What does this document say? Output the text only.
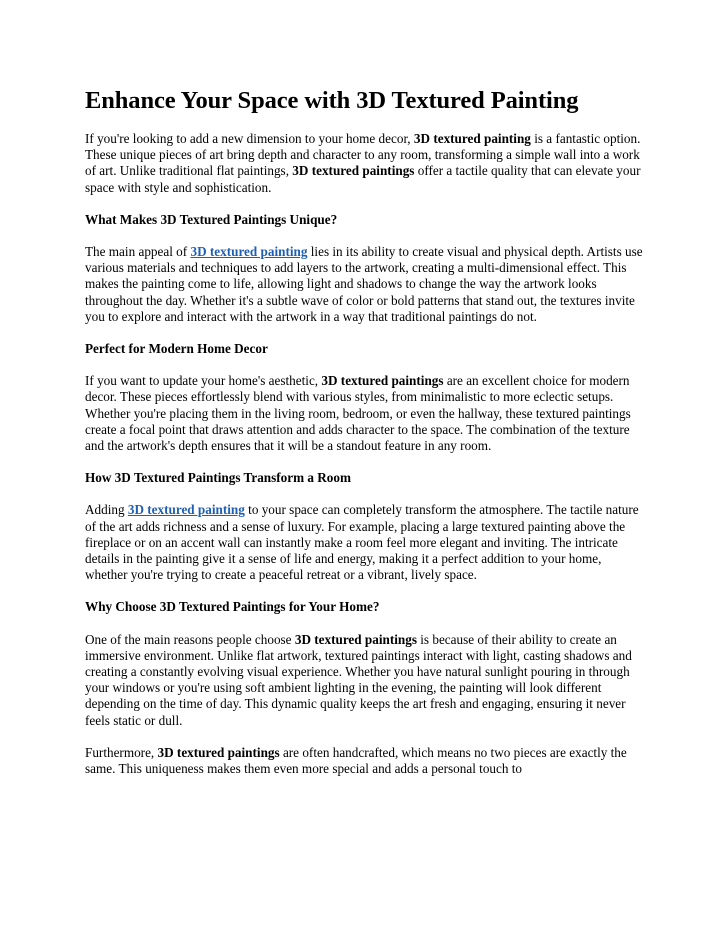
Enhance Your Space with 3D Textured Painting

If you're looking to add a new dimension to your home decor, 3D textured painting is a fantastic option. These unique pieces of art bring depth and character to any room, transforming a simple wall into a work of art. Unlike traditional flat paintings, 3D textured paintings offer a tactile quality that can elevate your space with style and sophistication.

What Makes 3D Textured Paintings Unique?

The main appeal of 3D textured painting lies in its ability to create visual and physical depth. Artists use various materials and techniques to add layers to the artwork, creating a multi-dimensional effect. This makes the painting come to life, allowing light and shadows to change the way the artwork looks throughout the day. Whether it's a subtle wave of color or bold patterns that stand out, the textures invite you to explore and interact with the artwork in a way that traditional paintings do not.

Perfect for Modern Home Decor

If you want to update your home's aesthetic, 3D textured paintings are an excellent choice for modern decor. These pieces effortlessly blend with various styles, from minimalistic to more eclectic setups. Whether you're placing them in the living room, bedroom, or even the hallway, these textured paintings create a focal point that draws attention and adds character to the space. The combination of the texture and the artwork's depth ensures that it will be a standout feature in any room.

How 3D Textured Paintings Transform a Room

Adding 3D textured painting to your space can completely transform the atmosphere. The tactile nature of the art adds richness and a sense of luxury. For example, placing a large textured painting above the fireplace or on an accent wall can instantly make a room feel more elegant and inviting. The intricate details in the painting give it a sense of life and energy, making it a perfect addition to your home, whether you're trying to create a peaceful retreat or a vibrant, lively space.

Why Choose 3D Textured Paintings for Your Home?

One of the main reasons people choose 3D textured paintings is because of their ability to create an immersive environment. Unlike flat artwork, textured paintings interact with light, casting shadows and creating a constantly evolving visual experience. Whether you have natural sunlight pouring in through your windows or you're using soft ambient lighting in the evening, the painting will look different depending on the time of day. This dynamic quality keeps the art fresh and engaging, ensuring it never feels static or dull.

Furthermore, 3D textured paintings are often handcrafted, which means no two pieces are exactly the same. This uniqueness makes them even more special and adds a personal touch to
